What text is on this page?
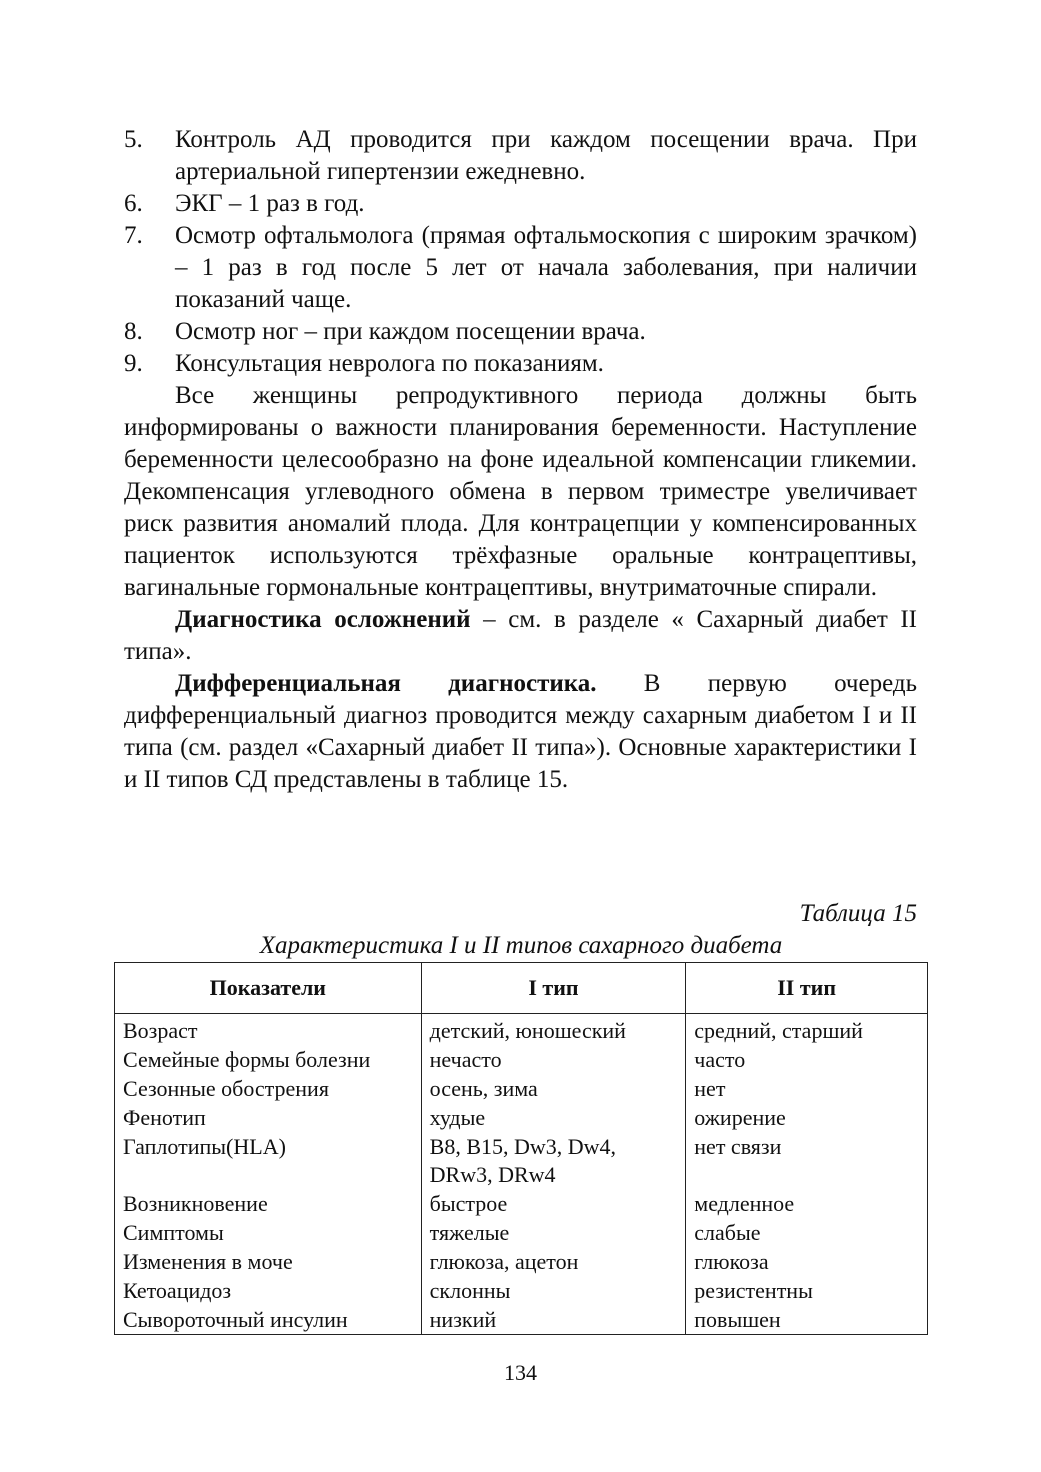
5.	Контроль АД проводится при каждом посещении врача. При артериальной гипертензии ежедневно.
6.	ЭКГ – 1 раз в год.
7.	Осмотр офтальмолога (прямая офтальмоскопия с широким зрачком) – 1 раз в год после 5 лет от начала заболевания, при наличии показаний чаще.
8.	Осмотр ног – при каждом посещении врача.
9.	Консультация невролога по показаниям.

Все женщины репродуктивного периода должны быть информированы о важности планирования беременности. Наступление беременности целесообразно на фоне идеальной компенсации гликемии. Декомпенсация углеводного обмена в первом триместре увеличивает риск развития аномалий плода. Для контрацепции у компенсированных пациенток используются трёхфазные оральные контрацептивы, вагинальные гормональные контрацептивы, внутриматочные спирали.

Диагностика осложнений – см. в разделе « Сахарный диабет II типа».

Дифференциальная диагностика. В первую очередь дифференциальный диагноз проводится между сахарным диабетом I и II типа (см. раздел «Сахарный диабет II типа»). Основные характеристики I и II типов СД представлены в таблице 15.

Таблица 15
Характеристика I и II типов сахарного диабета
Показатели	I тип	II тип
Возраст	детский, юношеский	средний, старший
Семейные формы болезни	нечасто	часто
Сезонные обострения	осень, зима	нет
Фенотип	худые	ожирение
Гаплотипы(HLA)	B8, B15, Dw3, Dw4, DRw3, DRw4	нет связи
Возникновение	быстрое	медленное
Симптомы	тяжелые	слабые
Изменения в моче	глюкоза, ацетон	глюкоза
Кетоацидоз	склонны	резистентны
Сывороточный инсулин	низкий	повышен
134
